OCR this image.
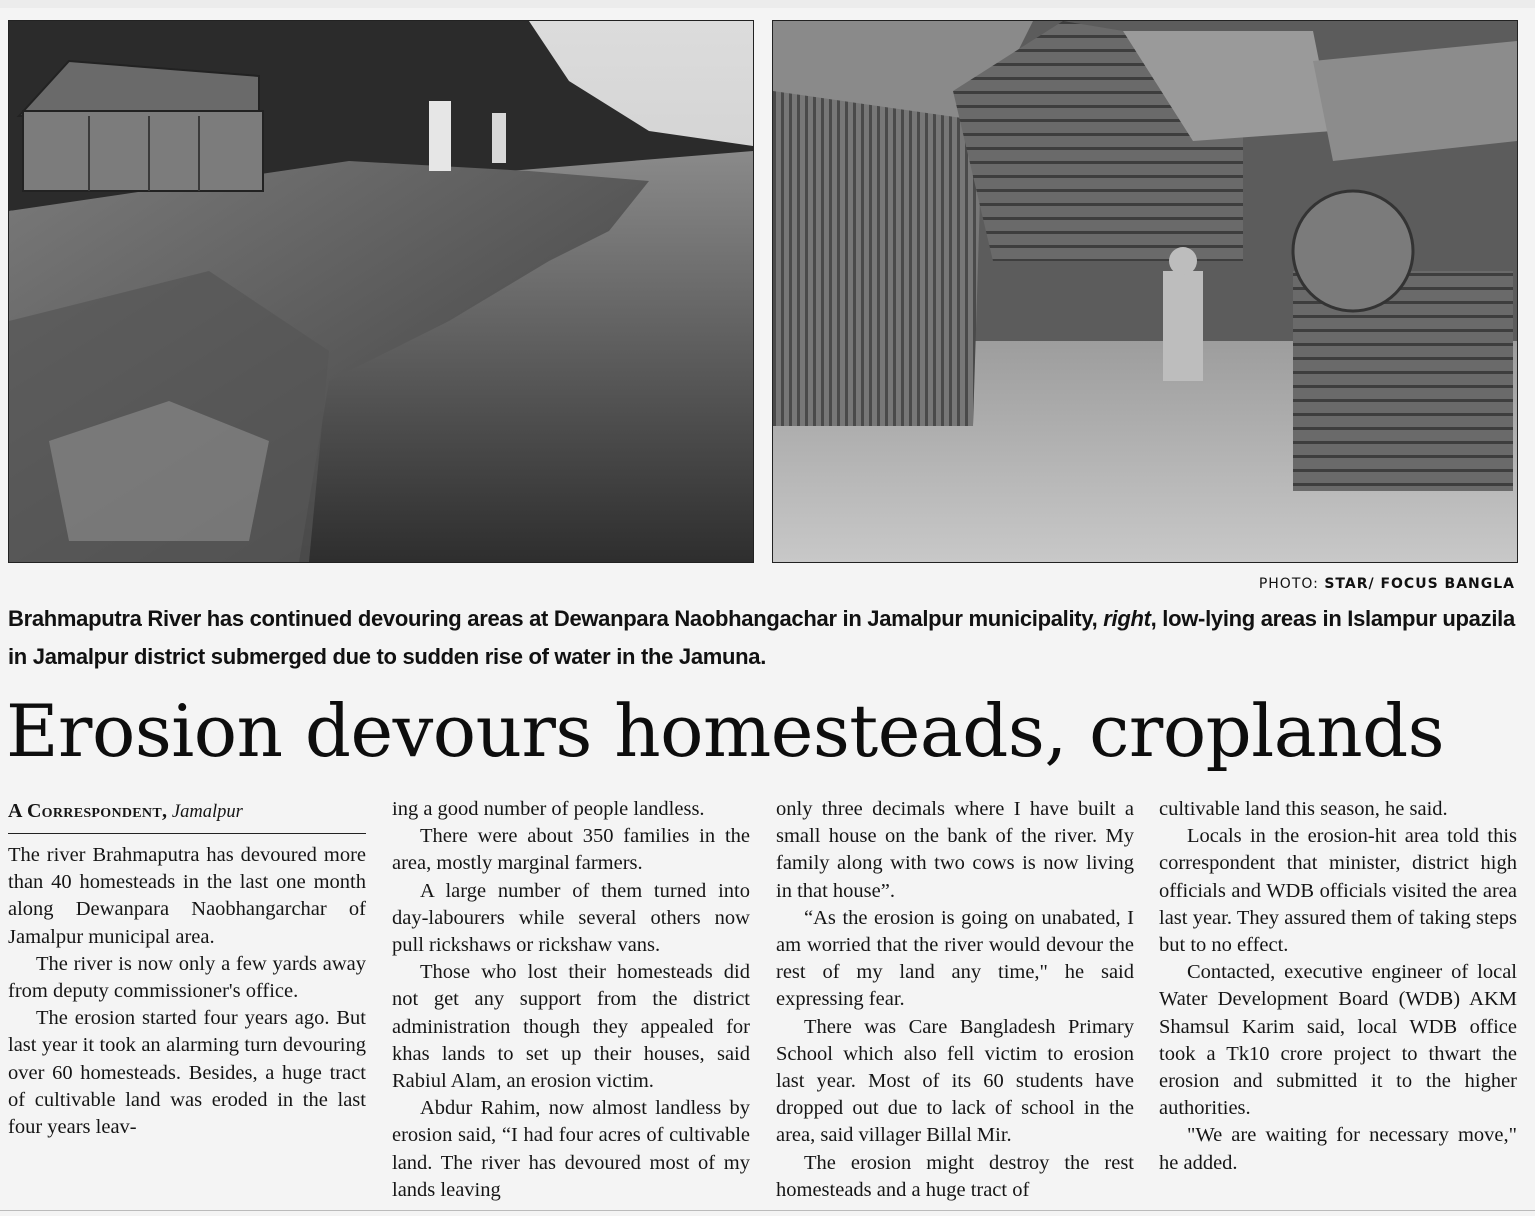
PHOTO: STAR/ FOCUS BANGLA
Brahmaputra River has continued devouring areas at Dewanpara Naobhangachar in Jamalpur municipality, right, low-lying areas in Islampur upazila in Jamalpur district submerged due to sudden rise of water in the Jamuna.
Erosion devours homesteads, croplands
A Correspondent, Jamalpur

The river Brahmaputra has devoured more than 40 homesteads in the last one month along Dewanpara Naobhangarchar of Jamalpur municipal area.

The river is now only a few yards away from deputy commissioner's office.

The erosion started four years ago. But last year it took an alarming turn devouring over 60 homesteads. Besides, a huge tract of cultivable land was eroded in the last four years leav-

ing a good number of people landless.

There were about 350 families in the area, mostly marginal farmers.

A large number of them turned into day-labourers while several others now pull rickshaws or rickshaw vans.

Those who lost their homesteads did not get any support from the district administration though they appealed for khas lands to set up their houses, said Rabiul Alam, an erosion victim.

Abdur Rahim, now almost landless by erosion said, “I had four acres of cultivable land. The river has devoured most of my lands leaving

only three decimals where I have built a small house on the bank of the river. My family along with two cows is now living in that house”.

“As the erosion is going on unabated, I am worried that the river would devour the rest of my land any time," he said expressing fear.

There was Care Bangladesh Primary School which also fell victim to erosion last year. Most of its 60 students have dropped out due to lack of school in the area, said villager Billal Mir.

The erosion might destroy the rest homesteads and a huge tract of

cultivable land this season, he said.

Locals in the erosion-hit area told this correspondent that minister, district high officials and WDB officials visited the area last year. They assured them of taking steps but to no effect.

Contacted, executive engineer of local Water Development Board (WDB) AKM Shamsul Karim said, local WDB office took a Tk10 crore project to thwart the erosion and submitted it to the higher authorities.

"We are waiting for necessary move," he added.
